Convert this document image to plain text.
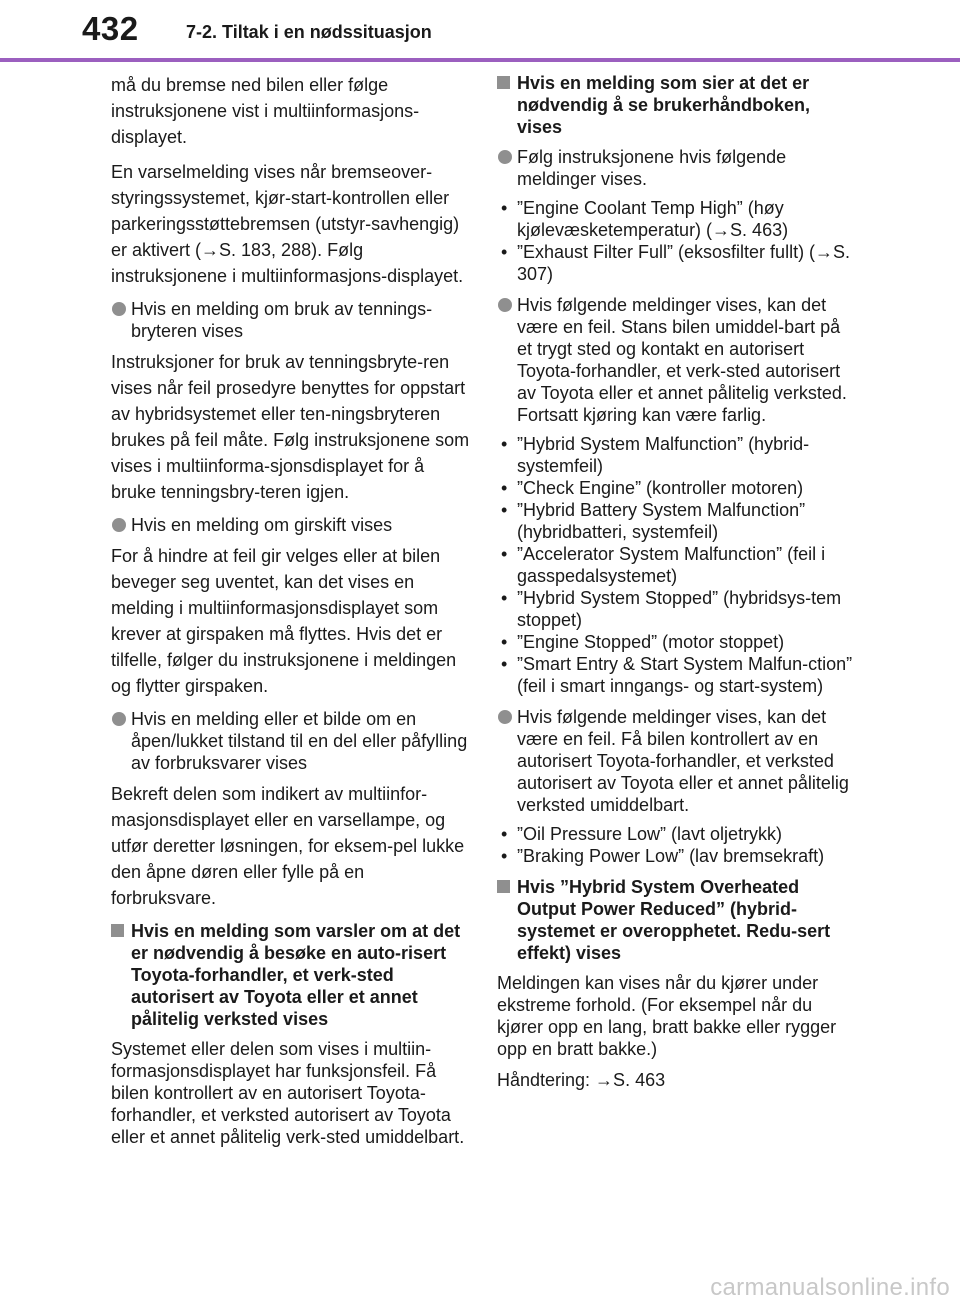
432	7-2. Tiltak i en nødssituasjon

må du bremse ned bilen eller følge instruksjonene vist i multiinformasjons-displayet.

En varselmelding vises når bremseover-styringssystemet, kjør-start-kontrollen eller parkeringsstøttebremsen (utstyr-savhengig) er aktivert (→S. 183, 288). Følg instruksjonene i multiinformasjons-displayet.

Hvis en melding om bruk av tennings-bryteren vises

Instruksjoner for bruk av tenningsbryte-ren vises når feil prosedyre benyttes for oppstart av hybridsystemet eller ten-ningsbryteren brukes på feil måte. Følg instruksjonene som vises i multiinforma-sjonsdisplayet for å bruke tenningsbry-teren igjen.

Hvis en melding om girskift vises

For å hindre at feil gir velges eller at bilen beveger seg uventet, kan det vises en melding i multiinformasjonsdisplayet som krever at girspaken må flyttes. Hvis det er tilfelle, følger du instruksjonene i meldingen og flytter girspaken.

Hvis en melding eller et bilde om en åpen/lukket tilstand til en del eller påfylling av forbruksvarer vises

Bekreft delen som indikert av multiinfor-masjonsdisplayet eller en varsellampe, og utfør deretter løsningen, for eksem-pel lukke den åpne døren eller fylle på en forbruksvare.

Hvis en melding som varsler om at det er nødvendig å besøke en auto-risert Toyota-forhandler, et verk-sted autorisert av Toyota eller et annet pålitelig verksted vises

Systemet eller delen som vises i multiin-formasjonsdisplayet har funksjonsfeil. Få bilen kontrollert av en autorisert Toyota-forhandler, et verksted autorisert av Toyota eller et annet pålitelig verk-sted umiddelbart.

Hvis en melding som sier at det er nødvendig å se brukerhåndboken, vises
Følg instruksjonene hvis følgende meldinger vises.
• ”Engine Coolant Temp High” (høy kjølevæsketemperatur) (→S. 463)
• ”Exhaust Filter Full” (eksosfilter fullt) (→S. 307)
Hvis følgende meldinger vises, kan det være en feil. Stans bilen umiddel-bart på et trygt sted og kontakt en autorisert Toyota-forhandler, et verk-sted autorisert av Toyota eller et annet pålitelig verksted. Fortsatt kjøring kan være farlig.
• ”Hybrid System Malfunction” (hybrid-systemfeil)
• ”Check Engine” (kontroller motoren)
• ”Hybrid Battery System Malfunction” (hybridbatteri, systemfeil)
• ”Accelerator System Malfunction” (feil i gasspedalsystemet)
• ”Hybrid System Stopped” (hybridsys-tem stoppet)
• ”Engine Stopped” (motor stoppet)
• ”Smart Entry & Start System Malfun-ction” (feil i smart inngangs- og start-system)
Hvis følgende meldinger vises, kan det være en feil. Få bilen kontrollert av en autorisert Toyota-forhandler, et verksted autorisert av Toyota eller et annet pålitelig verksted umiddelbart.
• ”Oil Pressure Low” (lavt oljetrykk)
• ”Braking Power Low” (lav bremsekraft)
Hvis ”Hybrid System Overheated Output Power Reduced” (hybrid-systemet er overopphetet. Redu-sert effekt) vises

Meldingen kan vises når du kjører under ekstreme forhold. (For eksempel når du kjører opp en lang, bratt bakke eller rygger opp en bratt bakke.)

Håndtering: →S. 463

carmanualsonline.info
